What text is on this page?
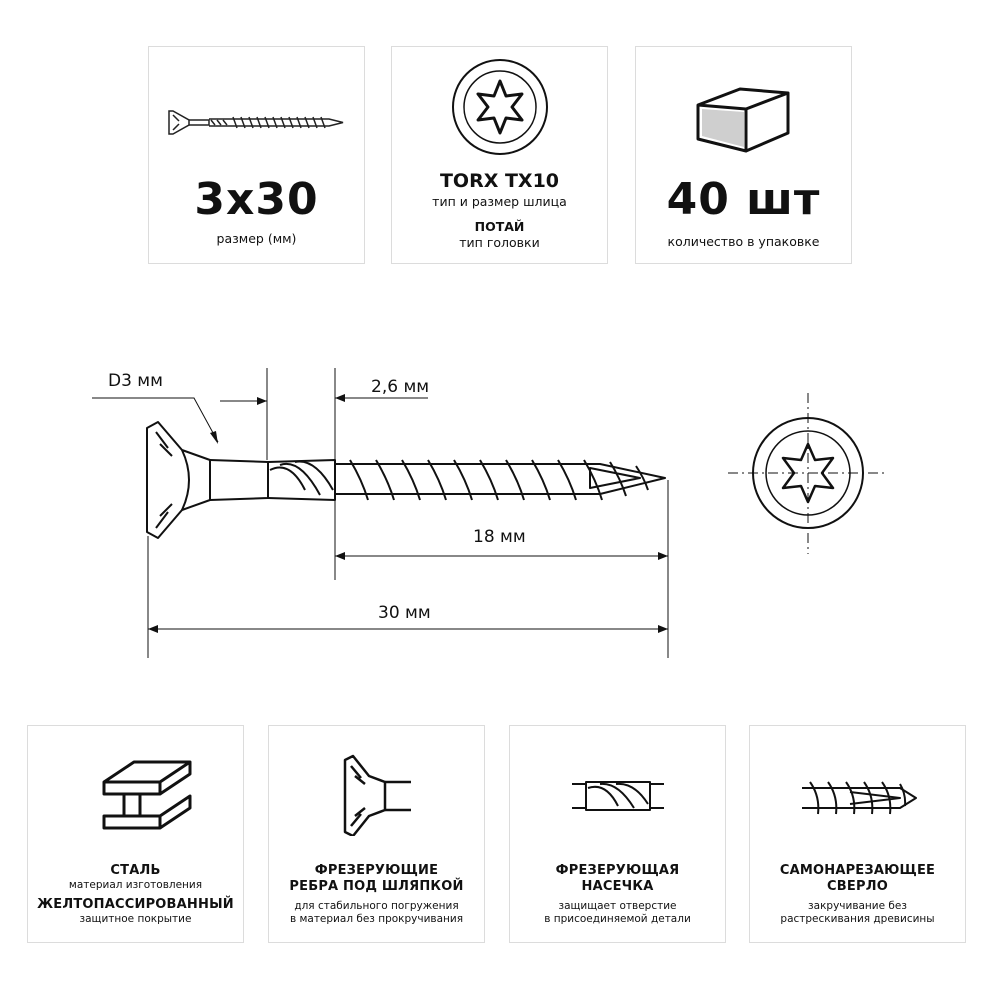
3x30
размер (мм)
TORX TX10
тип и размер шлица
ПОТАЙ
тип головки
40 шт
количество в упаковке
D3 мм	2,6 мм
18 мм
30 мм
СТАЛЬ
материал изготовления
ЖЕЛТОПАССИРОВАННЫЙ
защитное покрытие
ФРЕЗЕРУЮЩИЕ
РЕБРА ПОД ШЛЯПКОЙ
для стабильного погружения
в материал без прокручивания
ФРЕЗЕРУЮЩАЯ
НАСЕЧКА
защищает отверстие
в присоединяемой детали
САМОНАРЕЗАЮЩЕЕ
СВЕРЛО
закручивание без
растрескивания древисины
